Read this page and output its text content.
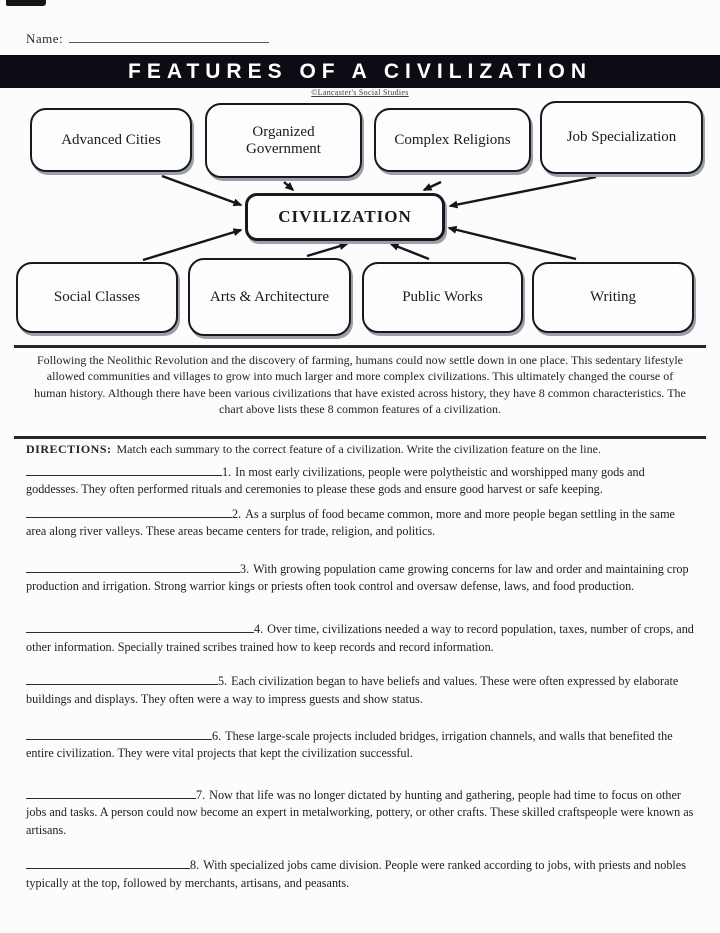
Name:
FEATURES OF A CIVILIZATION
©Lancaster's Social Studies
Advanced Cities	Organized Government
Complex Religions	Job Specialization
CIVILIZATION
Social Classes	Arts & Architecture	Public Works	Writing
Following the Neolithic Revolution and the discovery of farming, humans could now settle down in one place. This sedentary lifestyle allowed communities and villages to grow into much larger and more complex civilizations. This ultimately changed the course of human history. Although there have been various civilizations that have existed across history, they have 8 common characteristics. The chart above lists these 8 common features of a civilization.
DIRECTIONS: Match each summary to the correct feature of a civilization. Write the civilization feature on the line.

1. In most early civilizations, people were polytheistic and worshipped many gods and goddesses. They often performed rituals and ceremonies to please these gods and ensure good harvest or safe keeping.

2. As a surplus of food became common, more and more people began settling in the same area along river valleys. These areas became centers for trade, religion, and politics.

3. With growing population came growing concerns for law and order and maintaining crop production and irrigation. Strong warrior kings or priests often took control and oversaw defense, laws, and food production.

4. Over time, civilizations needed a way to record population, taxes, number of crops, and other information. Specially trained scribes trained how to keep records and record information.

5. Each civilization began to have beliefs and values. These were often expressed by elaborate buildings and displays. They often were a way to impress guests and show status.

6. These large-scale projects included bridges, irrigation channels, and walls that benefited the entire civilization. They were vital projects that kept the civilization successful.

7. Now that life was no longer dictated by hunting and gathering, people had time to focus on other jobs and tasks. A person could now become an expert in metalworking, pottery, or other crafts. These skilled craftspeople were known as artisans.

8. With specialized jobs came division. People were ranked according to jobs, with priests and nobles typically at the top, followed by merchants, artisans, and peasants.
